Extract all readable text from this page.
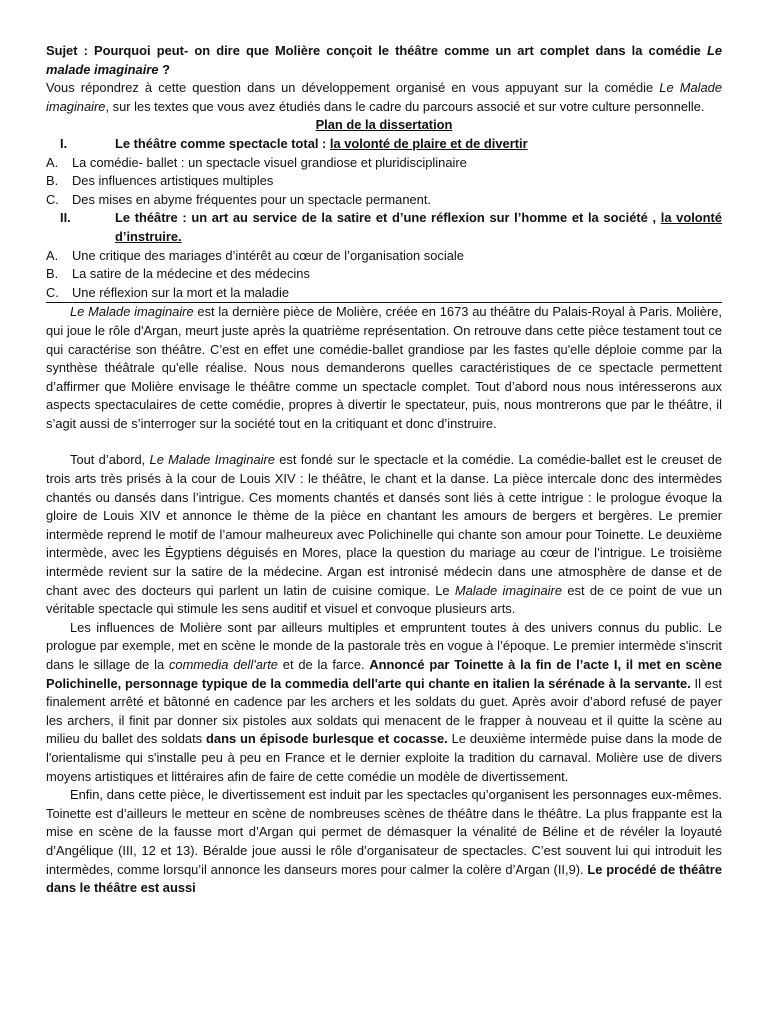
Sujet : Pourquoi peut- on dire que Molière conçoit le théâtre comme un art complet dans la comédie Le malade imaginaire ?

Vous répondrez à cette question dans un développement organisé en vous appuyant sur la comédie Le Malade imaginaire, sur les textes que vous avez étudiés dans le cadre du parcours associé et sur votre culture personnelle.

Plan de la dissertation
I.	Le théâtre comme spectacle total : la volonté de plaire et de divertir
A.	La comédie- ballet : un spectacle visuel grandiose et pluridisciplinaire
B.	Des influences artistiques multiples
C.	Des mises en abyme fréquentes pour un spectacle permanent.
II.	Le théâtre : un art au service de la satire et d’une réflexion sur l’homme et la société , la volonté d’instruire.
A.	Une critique des mariages d’intérêt au cœur de l’organisation sociale
B.	La satire de la médecine et des médecins
C.	Une réflexion sur la mort et la maladie

Le Malade imaginaire est la dernière pièce de Molière, créée en 1673 au théâtre du Palais-Royal à Paris. Molière, qui joue le rôle d'Argan, meurt juste après la quatrième représentation. On retrouve dans cette pièce testament tout ce qui caractérise son théâtre. C’est en effet une comédie-ballet grandiose par les fastes qu'elle déploie comme par la synthèse théâtrale qu'elle réalise. Nous nous demanderons quelles caractéristiques de ce spectacle permettent d’affirmer que Molière envisage le théâtre comme un spectacle complet. Tout d’abord nous nous intéresserons aux aspects spectaculaires de cette comédie, propres à divertir le spectateur, puis, nous montrerons que par le théâtre, il s’agit aussi de s’interroger sur la société tout en la critiquant et donc d’instruire.

Tout d’abord, Le Malade Imaginaire est fondé sur le spectacle et la comédie. La comédie-ballet est le creuset de trois arts très prisés à la cour de Louis XIV : le théâtre, le chant et la danse. La pièce intercale donc des intermèdes chantés ou dansés dans l’intrigue. Ces moments chantés et dansés sont liés à cette intrigue : le prologue évoque la gloire de Louis XIV et annonce le thème de la pièce en chantant les amours de bergers et bergères. Le premier intermède reprend le motif de l’amour malheureux avec Polichinelle qui chante son amour pour Toinette. Le deuxième intermède, avec les Égyptiens déguisés en Mores, place la question du mariage au cœur de l’intrigue. Le troisième intermède revient sur la satire de la médecine. Argan est intronisé médecin dans une atmosphère de danse et de chant avec des docteurs qui parlent un latin de cuisine comique. Le Malade imaginaire est de ce point de vue un véritable spectacle qui stimule les sens auditif et visuel et convoque plusieurs arts.

Les influences de Molière sont par ailleurs multiples et empruntent toutes à des univers connus du public. Le prologue par exemple, met en scène le monde de la pastorale très en vogue à l’époque. Le premier intermède s'inscrit dans le sillage de la commedia dell'arte et de la farce. Annoncé par Toinette à la fin de l’acte I, il met en scène Polichinelle, personnage typique de la commedia dell'arte qui chante en italien la sérénade à la servante. Il est finalement arrêté et bâtonné en cadence par les archers et les soldats du guet. Après avoir d’abord refusé de payer les archers, il finit par donner six pistoles aux soldats qui menacent de le frapper à nouveau et il quitte la scène au milieu du ballet des soldats dans un épisode burlesque et cocasse. Le deuxième intermède puise dans la mode de l'orientalisme qui s'installe peu à peu en France et le dernier exploite la tradition du carnaval. Molière use de divers moyens artistiques et littéraires afin de faire de cette comédie un modèle de divertissement.

Enfin, dans cette pièce, le divertissement est induit par les spectacles qu’organisent les personnages eux-mêmes. Toinette est d’ailleurs le metteur en scène de nombreuses scènes de théâtre dans le théâtre. La plus frappante est la mise en scène de la fausse mort d’Argan qui permet de démasquer la vénalité de Béline et de révéler la loyauté d’Angélique (III, 12 et 13). Béralde joue aussi le rôle d’organisateur de spectacles. C’est souvent lui qui introduit les intermèdes, comme lorsqu’il annonce les danseurs mores pour calmer la colère d’Argan (II,9). Le procédé de théâtre dans le théâtre est aussi
